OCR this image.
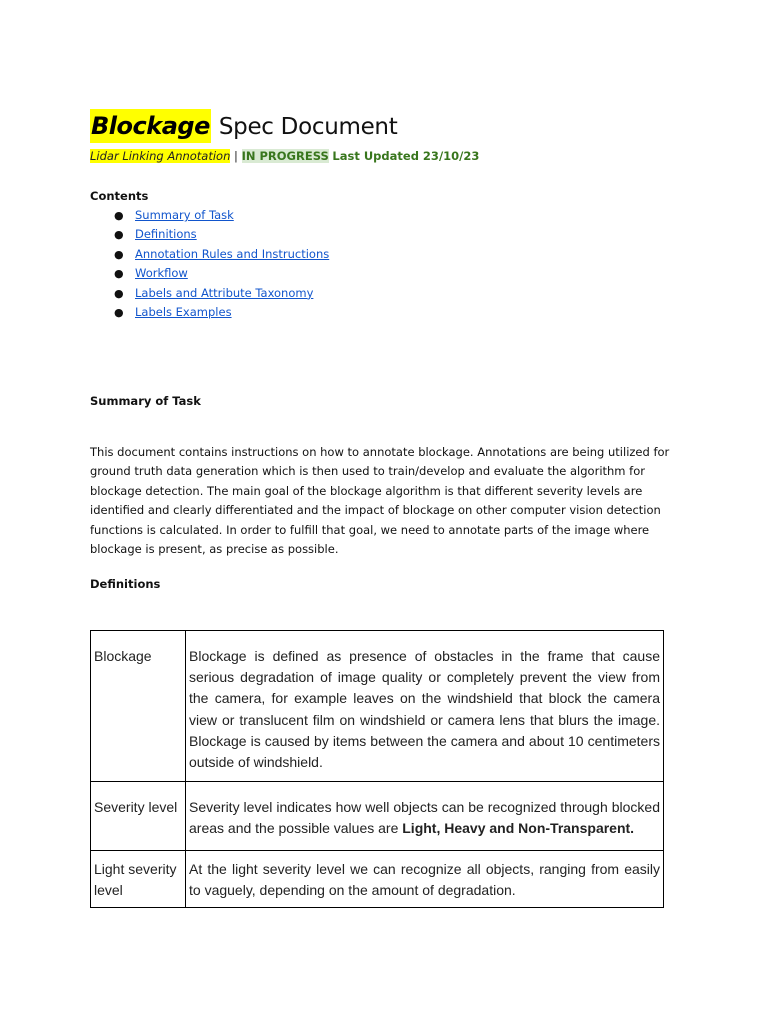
Blockage Spec Document
Lidar Linking Annotation | IN PROGRESS Last Updated 23/10/23
Contents
● Summary of Task
● Definitions
● Annotation Rules and Instructions
● Workflow
● Labels and Attribute Taxonomy
● Labels Examples
Summary of Task
This document contains instructions on how to annotate blockage. Annotations are being utilized for ground truth data generation which is then used to train/develop and evaluate the algorithm for blockage detection. The main goal of the blockage algorithm is that different severity levels are identified and clearly differentiated and the impact of blockage on other computer vision detection functions is calculated. In order to fulfill that goal, we need to annotate parts of the image where blockage is present, as precise as possible.
Definitions
Blockage	Blockage is defined as presence of obstacles in the frame that cause serious degradation of image quality or completely prevent the view from the camera, for example leaves on the windshield that block the camera view or translucent film on windshield or camera lens that blurs the image. Blockage is caused by items between the camera and about 10 centimeters outside of windshield.
Severity level	Severity level indicates how well objects can be recognized through blocked areas and the possible values are Light, Heavy and Non-Transparent.
Light severity level	At the light severity level we can recognize all objects, ranging from easily to vaguely, depending on the amount of degradation.
